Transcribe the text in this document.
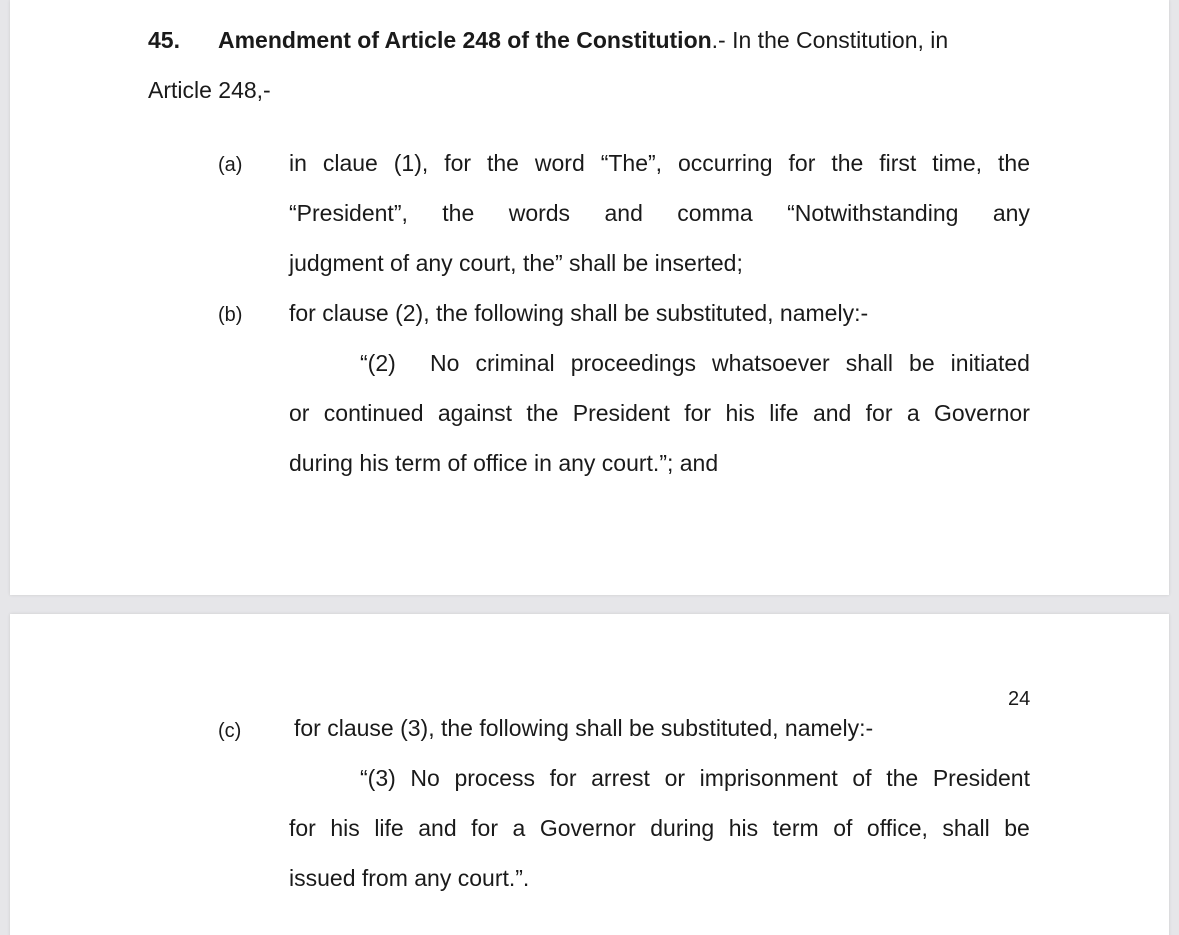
45. Amendment of Article 248 of the Constitution.- In the Constitution, in
Article 248,-
(a) in claue (1), for the word “The”, occurring for the first time, the
“President”, the words and comma “Notwithstanding any
judgment of any court, the” shall be inserted;
(b) for clause (2), the following shall be substituted, namely:-
“(2) No criminal proceedings whatsoever shall be initiated
or continued against the President for his life and for a Governor
during his term of office in any court.”; and
24
(c) for clause (3), the following shall be substituted, namely:-
“(3) No process for arrest or imprisonment of the President
for his life and for a Governor during his term of office, shall be
issued from any court.”.
